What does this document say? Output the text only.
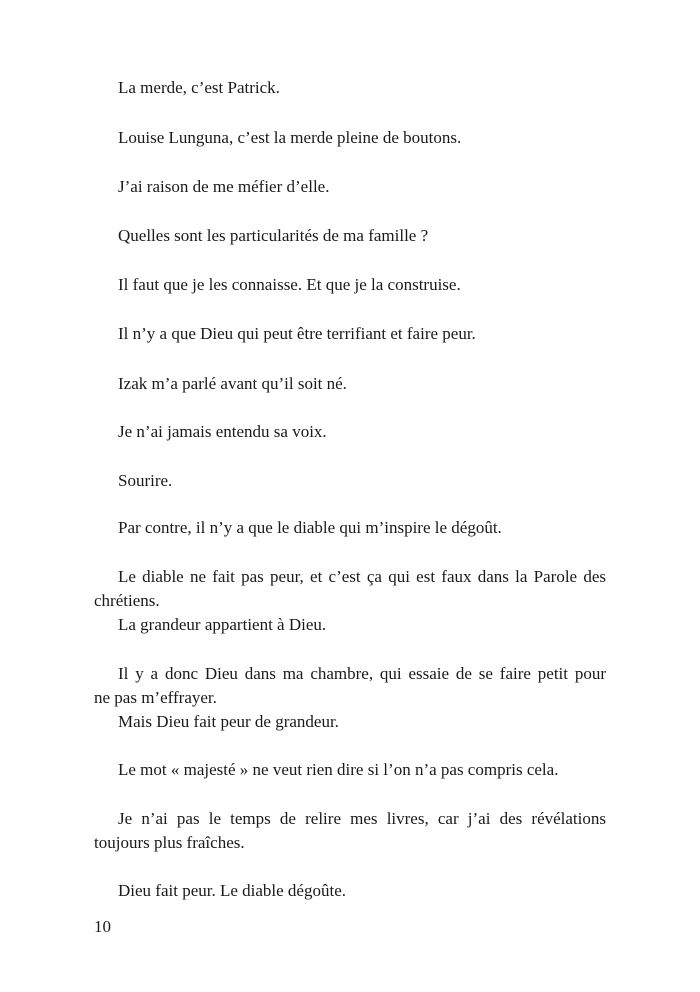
La merde, c’est Patrick.
Louise Lunguna, c’est la merde pleine de boutons.
J’ai raison de me méfier d’elle.
Quelles sont les particularités de ma famille ?
Il faut que je les connaisse. Et que je la construise.
Il n’y a que Dieu qui peut être terrifiant et faire peur.
Izak m’a parlé avant qu’il soit né.
Je n’ai jamais entendu sa voix.
Sourire.
Par contre, il n’y a que le diable qui m’inspire le dégoût.
Le diable ne fait pas peur, et c’est ça qui est faux dans la Parole des
chrétiens.
La grandeur appartient à Dieu.
Il y a donc Dieu dans ma chambre, qui essaie de se faire petit pour
ne pas m’effrayer.
Mais Dieu fait peur de grandeur.
Le mot « majesté » ne veut rien dire si l’on n’a pas compris cela.
Je n’ai pas le temps de relire mes livres, car j’ai des révélations
toujours plus fraîches.
Dieu fait peur. Le diable dégoûte.
10
